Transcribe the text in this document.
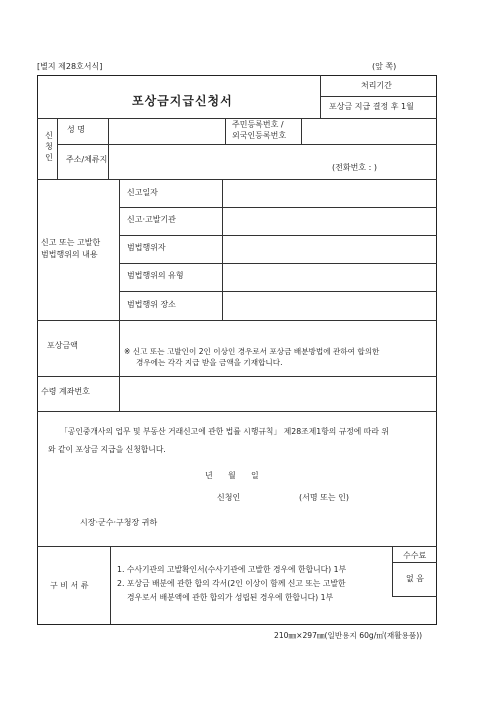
[별지 제28호서식]	(앞 쪽)
포상금지급신청서
처리기간
포상금 지급 결정 후 1월
신청인
성 명
주민등록번호 /
외국인등록번호
주소/체류지
(전화번호 : )
신고 또는 고발한
범법행위의 내용
신고일자
신고·고발기관
범법행위자
범법행위의 유형
범법행위 장소
포상금액
※ 신고 또는 고발인이 2인 이상인 경우로서 포상금 배분방법에 관하여 합의한
경우에는 각각 지급 받을 금액을 기재합니다.
수령 계좌번호
「공인중개사의 업무 및 부동산 거래신고에 관한 법률 시행규칙」 제28조제1항의 규정에 따라 위
와 같이 포상금 지급을 신청합니다.
년      월      일
신청인	(서명 또는 인)
시장·군수·구청장 귀하
구 비 서 류
1. 수사기관의 고발확인서(수사기관에 고발한 경우에 한합니다) 1부
2. 포상금 배분에 관한 합의 각서(2인 이상이 함께 신고 또는 고발한
경우로서 배분액에 관한 합의가 성립된 경우에 한합니다) 1부
수수료
없 음
210㎜×297㎜(일반용지 60g/㎡(재활용품))
